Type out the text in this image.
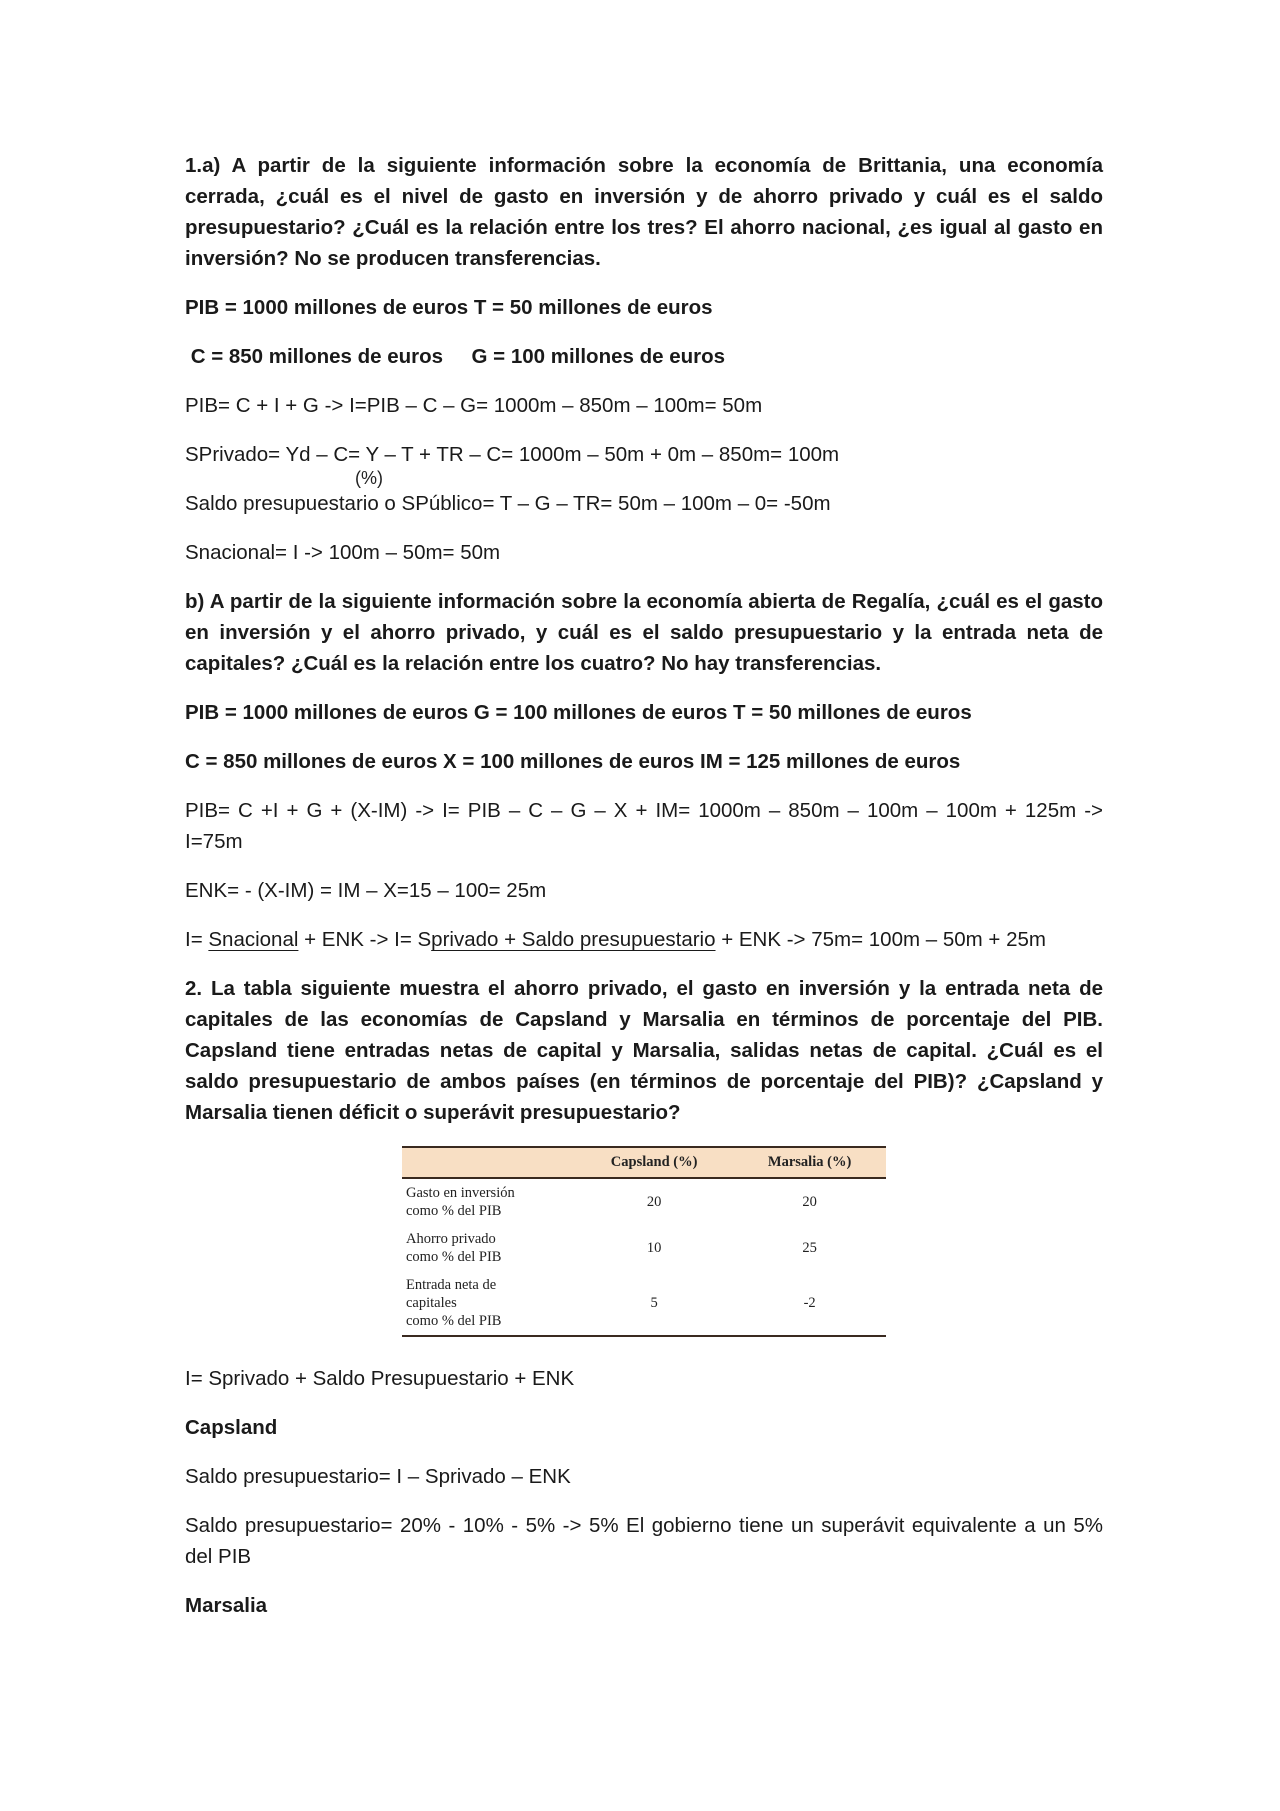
1.a) A partir de la siguiente información sobre la economía de Brittania, una economía cerrada, ¿cuál es el nivel de gasto en inversión y de ahorro privado y cuál es el saldo presupuestario? ¿Cuál es la relación entre los tres? El ahorro nacional, ¿es igual al gasto en inversión? No se producen transferencias.

PIB = 1000 millones de euros T = 50 millones de euros

C = 850 millones de euros     G = 100 millones de euros

PIB= C + I + G -> I=PIB – C – G= 1000m – 850m – 100m= 50m

SPrivado= Yd – C= Y – T + TR – C= 1000m – 50m + 0m – 850m= 100m

Saldo presupuestario o SPúblico= T – G – TR= 50m – 100m – 0= -50m

Snacional= I -> 100m – 50m= 50m

b) A partir de la siguiente información sobre la economía abierta de Regalía, ¿cuál es el gasto en inversión y el ahorro privado, y cuál es el saldo presupuestario y la entrada neta de capitales? ¿Cuál es la relación entre los cuatro? No hay transferencias.

PIB = 1000 millones de euros G = 100 millones de euros T = 50 millones de euros

C = 850 millones de euros X = 100 millones de euros IM = 125 millones de euros

PIB= C +I + G + (X-IM) -> I= PIB – C – G – X + IM= 1000m – 850m – 100m – 100m + 125m -> I=75m

ENK= - (X-IM) = IM – X=15 – 100= 25m

I= Snacional + ENK -> I= Sprivado + Saldo presupuestario + ENK -> 75m= 100m – 50m + 25m

2. La tabla siguiente muestra el ahorro privado, el gasto en inversión y la entrada neta de capitales de las economías de Capsland y Marsalia en términos de porcentaje del PIB. Capsland tiene entradas netas de capital y Marsalia, salidas netas de capital. ¿Cuál es el saldo presupuestario de ambos países (en términos de porcentaje del PIB)? ¿Capsland y Marsalia tienen déficit o superávit presupuestario?

	Capsland (%)	Marsalia (%)
Gasto en inversión
como % del PIB	20	20
Ahorro privado
como % del PIB	10	25
Entrada neta de
capitales
como % del PIB	5	-2

I= Sprivado + Saldo Presupuestario + ENK

Capsland

Saldo presupuestario= I – Sprivado – ENK

Saldo presupuestario= 20% - 10% - 5% -> 5% El gobierno tiene un superávit equivalente a un 5% del PIB

Marsalia

(%)
